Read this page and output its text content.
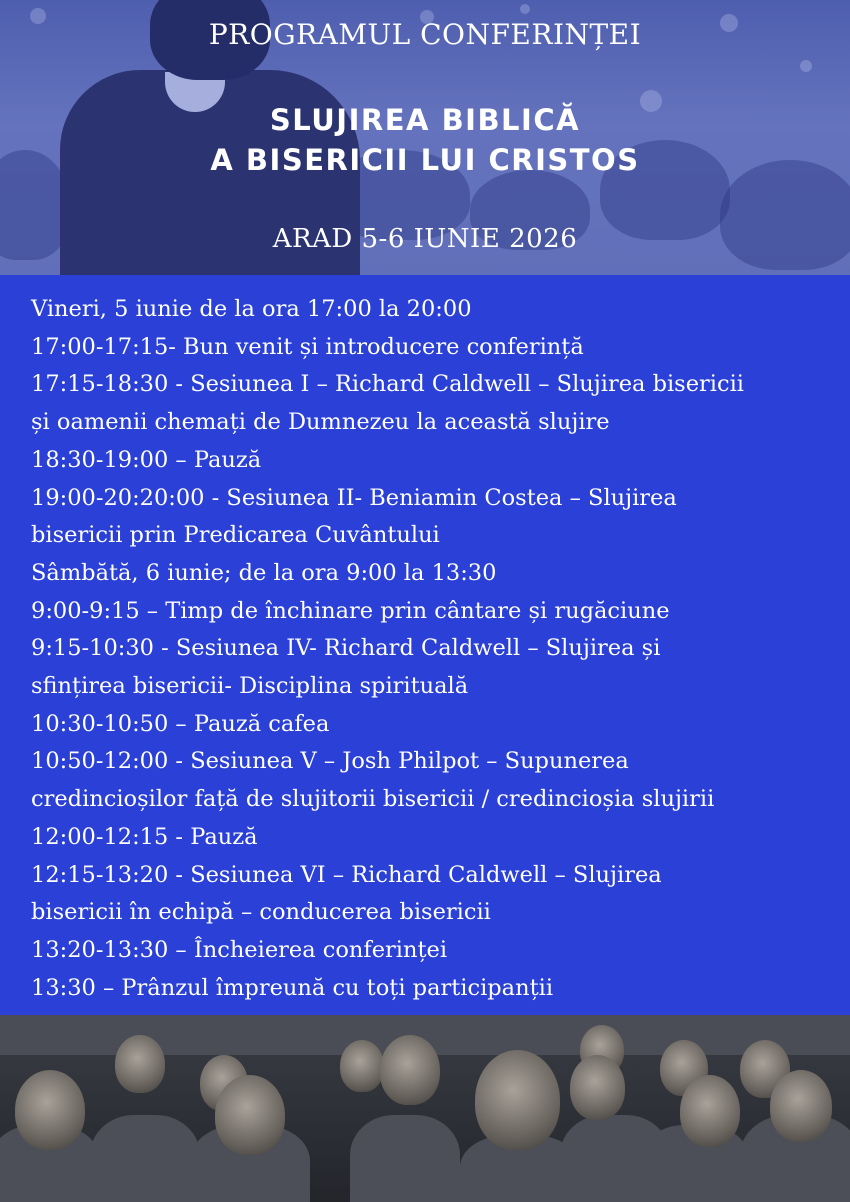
PROGRAMUL CONFERINȚEI
SLUJIREA BIBLICĂ
A BISERICII LUI CRISTOS
ARAD 5-6 IUNIE 2026
Vineri, 5 iunie de la ora 17:00 la 20:00
17:00-17:15- Bun venit și introducere conferință
17:15-18:30 - Sesiunea I – Richard Caldwell – Slujirea bisericii
și oamenii chemați de Dumnezeu la această slujire
18:30-19:00 – Pauză
19:00-20:20:00 - Sesiunea II- Beniamin Costea – Slujirea
bisericii prin Predicarea Cuvântului
Sâmbătă, 6 iunie; de la ora 9:00 la 13:30
9:00-9:15 – Timp de închinare prin cântare și rugăciune
9:15-10:30 - Sesiunea IV- Richard Caldwell – Slujirea și
sfințirea bisericii- Disciplina spirituală
10:30-10:50 – Pauză cafea
10:50-12:00 - Sesiunea V – Josh Philpot – Supunerea
credincioșilor față de slujitorii bisericii / credincioșia slujirii
12:00-12:15 - Pauză
12:15-13:20 - Sesiunea VI – Richard Caldwell – Slujirea
bisericii în echipă – conducerea bisericii
13:20-13:30 – Încheierea conferinței
13:30 – Prânzul împreună cu toți participanții
